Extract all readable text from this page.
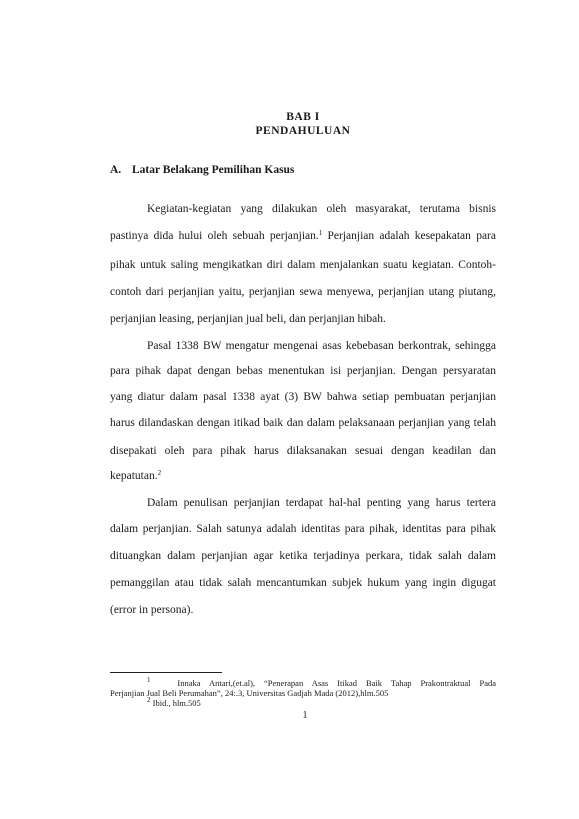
BAB I
PENDAHULUAN
A. Latar Belakang Pemilihan Kasus
Kegiatan-kegiatan yang dilakukan oleh masyarakat, terutama bisnis
pastinya dida hului oleh sebuah perjanjian.$^1$ Perjanjian adalah kesepakatan para
pihak untuk saling mengikatkan diri dalam menjalankan suatu kegiatan. Contoh-
contoh dari perjanjian yaitu, perjanjian sewa menyewa, perjanjian utang piutang,
perjanjian leasing, perjanjian jual beli, dan perjanjian hibah.
Pasal 1338 BW mengatur mengenai asas kebebasan berkontrak, sehingga
para pihak dapat dengan bebas menentukan isi perjanjian. Dengan persyaratan
yang diatur dalam pasal 1338 ayat (3) BW bahwa setiap pembuatan perjanjian
harus dilandaskan dengan itikad baik dan dalam pelaksanaan perjanjian yang telah
disepakati oleh para pihak harus dilaksanakan sesuai dengan keadilan dan
kepatutan.$^2$
Dalam penulisan perjanjian terdapat hal-hal penting yang harus tertera
dalam perjanjian. Salah satunya adalah identitas para pihak, identitas para pihak
dituangkan dalam perjanjian agar ketika terjadinya perkara, tidak salah dalam
pemanggilan atau tidak salah mencantumkan subjek hukum yang ingin digugat
(error in persona).
$^1$	Innaka Antari,(et.al), “Penerapan Asas Itikad Baik Tahap Prakontraktual Pada
Perjanjian Jual Beli Perumahan”, 24:.3, Universitas Gadjah Mada (2012),hlm.505
$^2$ Ibid., hlm.505
1
